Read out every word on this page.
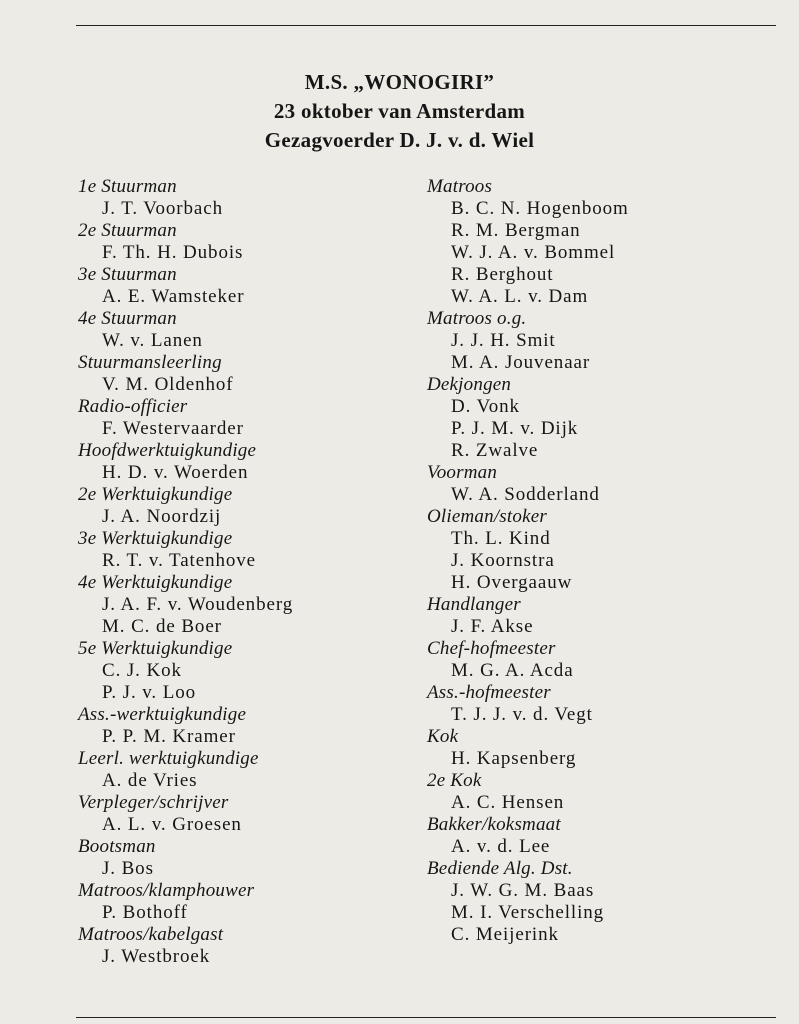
M.S. „WONOGIRI”
23 oktober van Amsterdam
Gezagvoerder D. J. v. d. Wiel
1e Stuurman
J. T. Voorbach
2e Stuurman
F. Th. H. Dubois
3e Stuurman
A. E. Wamsteker
4e Stuurman
W. v. Lanen
Stuurmansleerling
V. M. Oldenhof
Radio-officier
F. Westervaarder
Hoofdwerktuigkundige
H. D. v. Woerden
2e Werktuigkundige
J. A. Noordzij
3e Werktuigkundige
R. T. v. Tatenhove
4e Werktuigkundige
J. A. F. v. Woudenberg
M. C. de Boer
5e Werktuigkundige
C. J. Kok
P. J. v. Loo
Ass.-werktuigkundige
P. P. M. Kramer
Leerl. werktuigkundige
A. de Vries
Verpleger/schrijver
A. L. v. Groesen
Bootsman
J. Bos
Matroos/klamphouwer
P. Bothoff
Matroos/kabelgast
J. Westbroek
Matroos
B. C. N. Hogenboom
R. M. Bergman
W. J. A. v. Bommel
R. Berghout
W. A. L. v. Dam
Matroos o.g.
J. J. H. Smit
M. A. Jouvenaar
Dekjongen
D. Vonk
P. J. M. v. Dijk
R. Zwalve
Voorman
W. A. Sodderland
Olieman/stoker
Th. L. Kind
J. Koornstra
H. Overgaauw
Handlanger
J. F. Akse
Chef-hofmeester
M. G. A. Acda
Ass.-hofmeester
T. J. J. v. d. Vegt
Kok
H. Kapsenberg
2e Kok
A. C. Hensen
Bakker/koksmaat
A. v. d. Lee
Bediende Alg. Dst.
J. W. G. M. Baas
M. I. Verschelling
C. Meijerink
